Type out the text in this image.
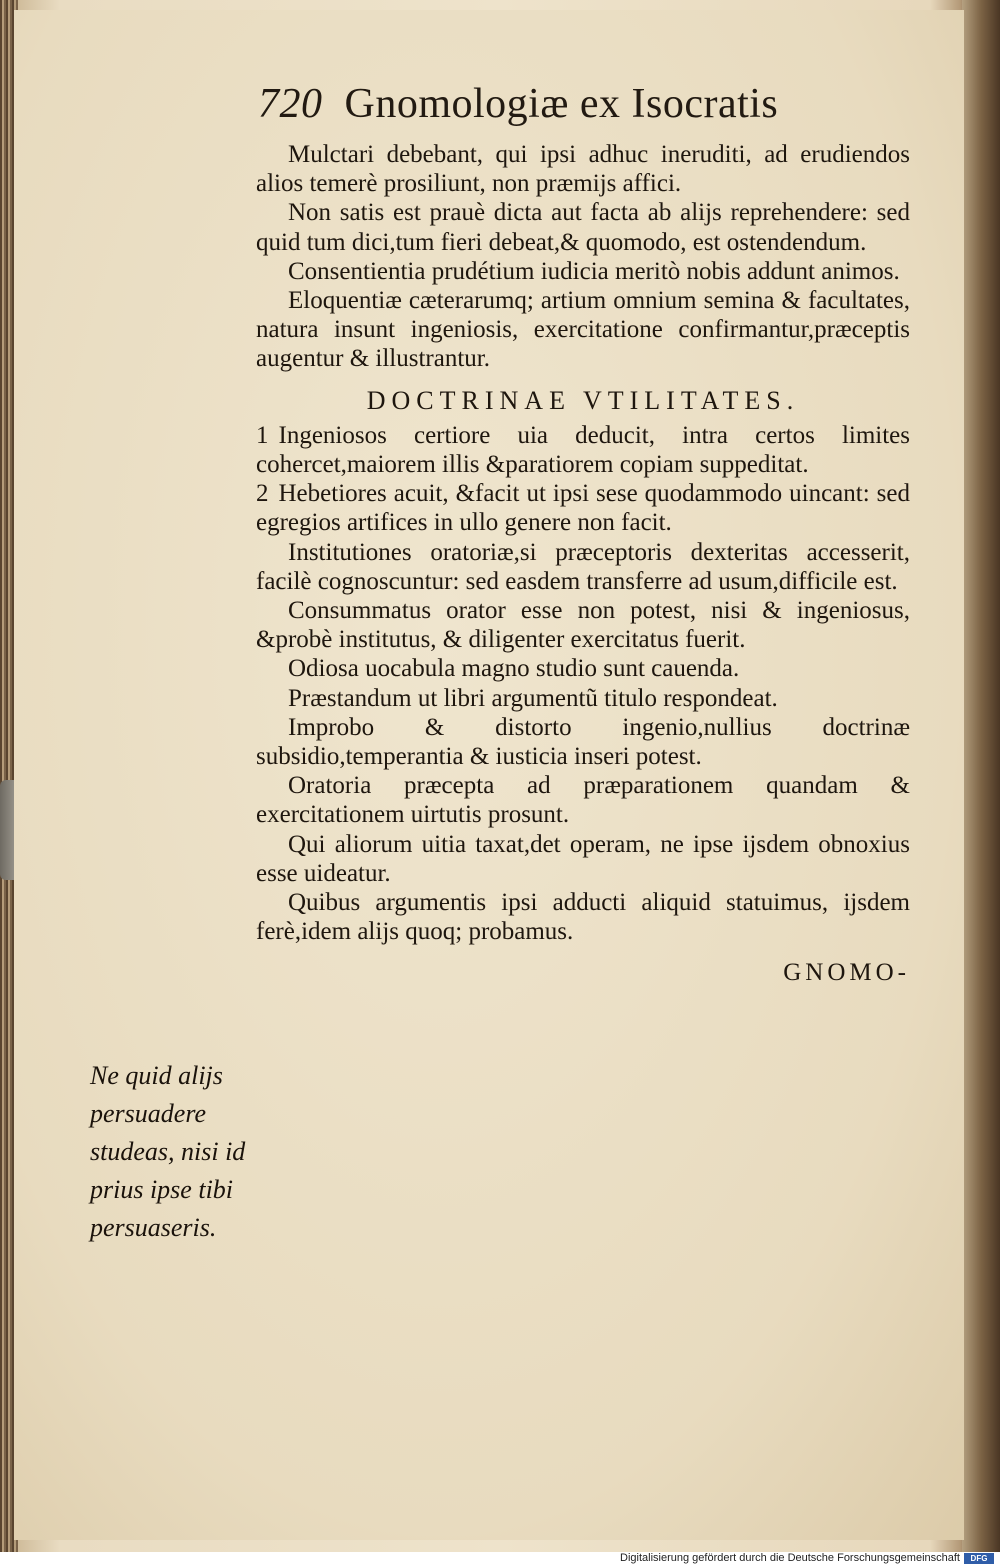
720 Gnomologiæ ex Isocratis

Mulctari debebant, qui ipsi adhuc ineruditi, ad erudiendos alios temerè prosiliunt, non præmijs affici.

Non satis est prauè dicta aut facta ab alijs reprehendere: sed quid tum dici,tum fieri debeat,& quomodo, est ostendendum.

Consentientia prudétium iudicia meritò nobis addunt animos.

Eloquentiæ cæterarumq; artium omnium semina & facultates, natura insunt ingeniosis, exercitatione confirmantur,præceptis augentur & illustrantur.

DOCTRINAE VTILITATES.

1 Ingeniosos certiore uia deducit, intra certos limites cohercet,maiorem illis &paratiorem copiam suppeditat.

2 Hebetiores acuit, &facit ut ipsi sese quodammodo uincant: sed egregios artifices in ullo genere non facit.

Institutiones oratoriæ,si præceptoris dexteritas accesserit, facilè cognoscuntur: sed easdem transferre ad usum,difficile est.

Consummatus orator esse non potest, nisi & ingeniosus, &probè institutus, & diligenter exercitatus fuerit.

Odiosa uocabula magno studio sunt cauenda.

Præstandum ut libri argumentũ titulo respondeat.

Improbo & distorto ingenio,nullius doctrinæ subsidio,temperantia & iusticia inseri potest.

Oratoria præcepta ad præparationem quandam & exercitationem uirtutis prosunt.

Qui aliorum uitia taxat,det operam, ne ipse ijsdem obnoxius esse uideatur.

Quibus argumentis ipsi adducti aliquid statuimus, ijsdem ferè,idem alijs quoq; probamus.

GNOMO-
Ne quid alijs persuadere studeas, nisi id prius ipse tibi persuaseris.
Digitalisierung gefördert durch die Deutsche Forschungsgemeinschaft	DFG
